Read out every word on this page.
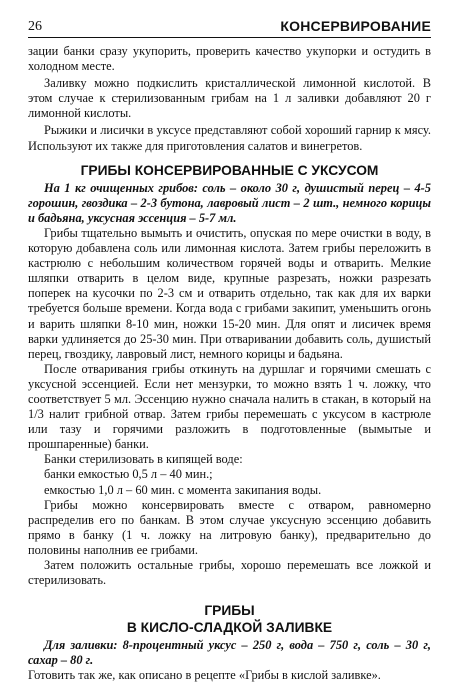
26	КОНСЕРВИРОВАНИЕ

зации банки сразу укупорить, проверить качество укупорки и остудить в холодном месте.

Заливку можно подкислить кристаллической лимонной кислотой. В этом случае к стерилизованным грибам на 1 л заливки добавляют 20 г лимонной кислоты.

Рыжики и лисички в уксусе представляют собой хороший гарнир к мясу. Используют их также для приготовления салатов и винегретов.

ГРИБЫ КОНСЕРВИРОВАННЫЕ С УКСУСОМ

На 1 кг очищенных грибов: соль – около 30 г, душистый перец – 4-5 горошин, гвоздика – 2-3 бутона, лавровый лист – 2 шт., немного корицы и бадьяна, уксусная эссенция – 5-7 мл.

Грибы тщательно вымыть и очистить, опуская по мере очистки в воду, в которую добавлена соль или лимонная кислота. Затем грибы переложить в кастрюлю с небольшим количеством горячей воды и отварить. Мелкие шляпки отварить в целом виде, крупные разрезать, ножки разрезать поперек на кусочки по 2-3 см и отварить отдельно, так как для их варки требуется больше времени. Когда вода с грибами закипит, уменьшить огонь и варить шляпки 8-10 мин, ножки 15-20 мин. Для опят и лисичек время варки удлиняется до 25-30 мин. При отваривании добавить соль, душистый перец, гвоздику, лавровый лист, немного корицы и бадьяна.

После отваривания грибы откинуть на дуршлаг и горячими смешать с уксусной эссенцией. Если нет мензурки, то можно взять 1 ч. ложку, что соответствует 5 мл. Эссенцию нужно сначала налить в стакан, в который на 1/3 налит грибной отвар. Затем грибы перемешать с уксусом в кастрюле или тазу и горячими разложить в подготовленные (вымытые и прошпаренные) банки.

Банки стерилизовать в кипящей воде:

банки емкостью 0,5 л – 40 мин.;

емкостью 1,0 л – 60 мин. с момента закипания воды.

Грибы можно консервировать вместе с отваром, равномерно распределив его по банкам. В этом случае уксусную эссенцию добавить прямо в банку (1 ч. ложку на литровую банку), предварительно до половины наполнив ее грибами.

Затем положить остальные грибы, хорошо перемешать все ложкой и стерилизовать.

ГРИБЫ
В КИСЛО-СЛАДКОЙ ЗАЛИВКЕ

Для заливки: 8-процентный уксус – 250 г, вода – 750 г, соль – 30 г, сахар – 80 г.

Готовить так же, как описано в рецепте «Грибы в кислой заливке».
